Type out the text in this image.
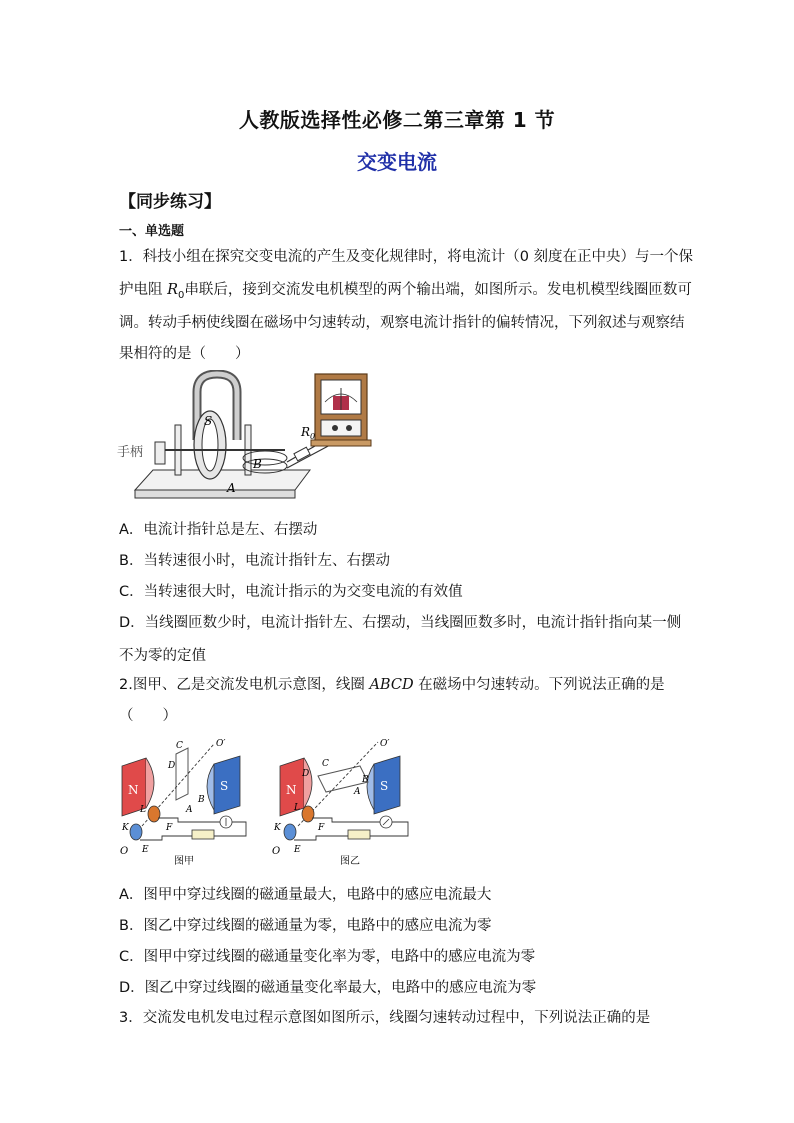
人教版选择性必修二第三章第 1 节
交变电流
【同步练习】
一、单选题
1．科技小组在探究交变电流的产生及变化规律时，将电流计（0 刻度在正中央）与一个保
护电阻 $R_0$串联后，接到交流发电机模型的两个输出端，如图所示。发电机模型线圈匝数可
调。转动手柄使线圈在磁场中匀速转动，观察电流计指针的偏转情况，下列叙述与观察结
果相符的是（　　）
手柄
S
B
A
$R_0$
A．电流计指针总是左、右摆动
B．当转速很小时，电流计指针左、右摆动
C．当转速很大时，电流计指示的为交变电流的有效值
D．当线圈匝数少时，电流计指针左、右摆动，当线圈匝数多时，电流计指针指向某一侧
不为零的定值
2.图甲、乙是交流发电机示意图，线圈 ABCD 在磁场中匀速转动。下列说法正确的是
（　　）
N	S
C
D
O′
B
A
L
K	F
E
O
图甲
N	S
C
D
O′
B
A
L
K	F
E
O
图乙
A．图甲中穿过线圈的磁通量最大，电路中的感应电流最大
B．图乙中穿过线圈的磁通量为零，电路中的感应电流为零
C．图甲中穿过线圈的磁通量变化率为零，电路中的感应电流为零
D．图乙中穿过线圈的磁通量变化率最大，电路中的感应电流为零
3．交流发电机发电过程示意图如图所示，线圈匀速转动过程中，下列说法正确的是
